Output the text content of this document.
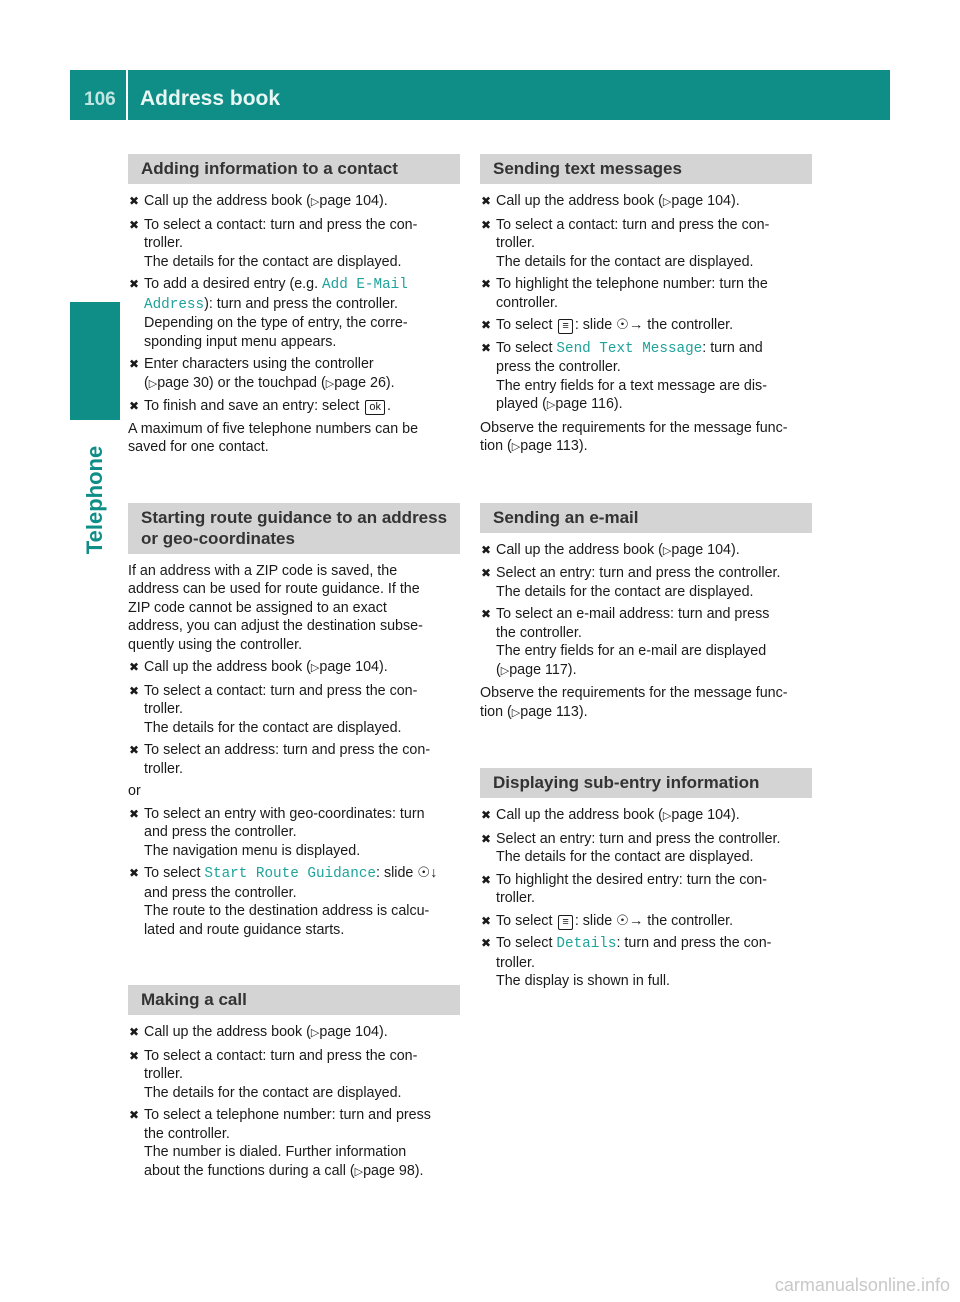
106 Address book
Telephone
Adding information to a contact
✖ Call up the address book (▷page 104).
✖ To select a contact: turn and press the con-
troller.
The details for the contact are displayed.
✖ To add a desired entry (e.g. Add E-Mail
Address): turn and press the controller.
Depending on the type of entry, the corre-
sponding input menu appears.
✖ Enter characters using the controller
(▷page 30) or the touchpad (▷page 26).
✖ To finish and save an entry: select ok .
A maximum of five telephone numbers can be
saved for one contact.
Starting route guidance to an address
or geo-coordinates
If an address with a ZIP code is saved, the
address can be used for route guidance. If the
ZIP code cannot be assigned to an exact
address, you can adjust the destination subse-
quently using the controller.
✖ Call up the address book (▷page 104).
✖ To select a contact: turn and press the con-
troller.
The details for the contact are displayed.
✖ To select an address: turn and press the con-
troller.
or
✖ To select an entry with geo-coordinates: turn
and press the controller.
The navigation menu is displayed.
✖ To select Start Route Guidance: slide ☉↓
and press the controller.
The route to the destination address is calcu-
lated and route guidance starts.
Making a call
✖ Call up the address book (▷page 104).
✖ To select a contact: turn and press the con-
troller.
The details for the contact are displayed.
✖ To select a telephone number: turn and press
the controller.
The number is dialed. Further information
about the functions during a call (▷page 98).
Sending text messages
✖ Call up the address book (▷page 104).
✖ To select a contact: turn and press the con-
troller.
The details for the contact are displayed.
✖ To highlight the telephone number: turn the
controller.
✖ To select ≡ : slide ☉→ the controller.
✖ To select Send Text Message: turn and
press the controller.
The entry fields for a text message are dis-
played (▷page 116).
Observe the requirements for the message func-
tion (▷page 113).
Sending an e-mail
✖ Call up the address book (▷page 104).
✖ Select an entry: turn and press the controller.
The details for the contact are displayed.
✖ To select an e-mail address: turn and press
the controller.
The entry fields for an e-mail are displayed
(▷page 117).
Observe the requirements for the message func-
tion (▷page 113).
Displaying sub-entry information
✖ Call up the address book (▷page 104).
✖ Select an entry: turn and press the controller.
The details for the contact are displayed.
✖ To highlight the desired entry: turn the con-
troller.
✖ To select ≡ : slide ☉→ the controller.
✖ To select Details: turn and press the con-
troller.
The display is shown in full.
carmanualsonline.info
